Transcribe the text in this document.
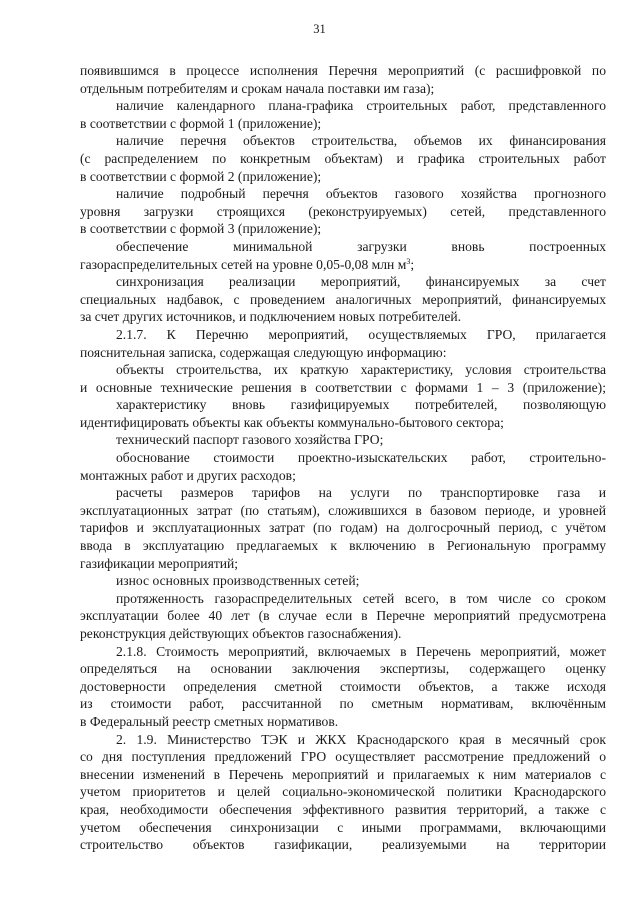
31
появившимся в процессе исполнения Перечня мероприятий (с расшифровкой по
отдельным потребителям и срокам начала поставки им газа);
наличие календарного плана-графика строительных работ, представленного
в соответствии с формой 1 (приложение);
наличие перечня объектов строительства, объемов их финансирования
(с распределением по конкретным объектам) и графика строительных работ
в соответствии с формой 2 (приложение);
наличие подробный перечня объектов газового хозяйства прогнозного
уровня загрузки строящихся (реконструируемых) сетей, представленного
в соответствии с формой 3 (приложение);
обеспечение минимальной загрузки вновь построенных
газораспределительных сетей на уровне 0,05-0,08 млн $м^3$;
синхронизация реализации мероприятий, финансируемых за счет
специальных надбавок, с проведением аналогичных мероприятий, финансируемых
за счет других источников, и подключением новых потребителей.
2.1.7. К Перечню мероприятий, осуществляемых ГРО, прилагается
пояснительная записка, содержащая следующую информацию:
объекты строительства, их краткую характеристику, условия строительства
и основные технические решения в соответствии с формами 1 – 3 (приложение);
характеристику вновь газифицируемых потребителей, позволяющую
идентифицировать объекты как объекты коммунально-бытового сектора;
технический паспорт газового хозяйства ГРО;
обоснование стоимости проектно-изыскательских работ, строительно-
монтажных работ и других расходов;
расчеты размеров тарифов на услуги по транспортировке газа и
эксплуатационных затрат (по статьям), сложившихся в базовом периоде, и уровней
тарифов и эксплуатационных затрат (по годам) на долгосрочный период, с учётом
ввода в эксплуатацию предлагаемых к включению в Региональную программу
газификации мероприятий;
износ основных производственных сетей;
протяженность газораспределительных сетей всего, в том числе со сроком
эксплуатации более 40 лет (в случае если в Перечне мероприятий предусмотрена
реконструкция действующих объектов газоснабжения).
2.1.8. Стоимость мероприятий, включаемых в Перечень мероприятий, может
определяться на основании заключения экспертизы, содержащего оценку
достоверности определения сметной стоимости объектов, а также исходя
из стоимости работ, рассчитанной по сметным нормативам, включённым
в Федеральный реестр сметных нормативов.
2. 1.9. Министерство ТЭК и ЖКХ Краснодарского края в месячный срок
со дня поступления предложений ГРО осуществляет рассмотрение предложений о
внесении изменений в Перечень мероприятий и прилагаемых к ним материалов с
учетом приоритетов и целей социально-экономической политики Краснодарского
края, необходимости обеспечения эффективного развития территорий, а также с
учетом обеспечения синхронизации с иными программами, включающими
строительство объектов газификации, реализуемыми на территории
